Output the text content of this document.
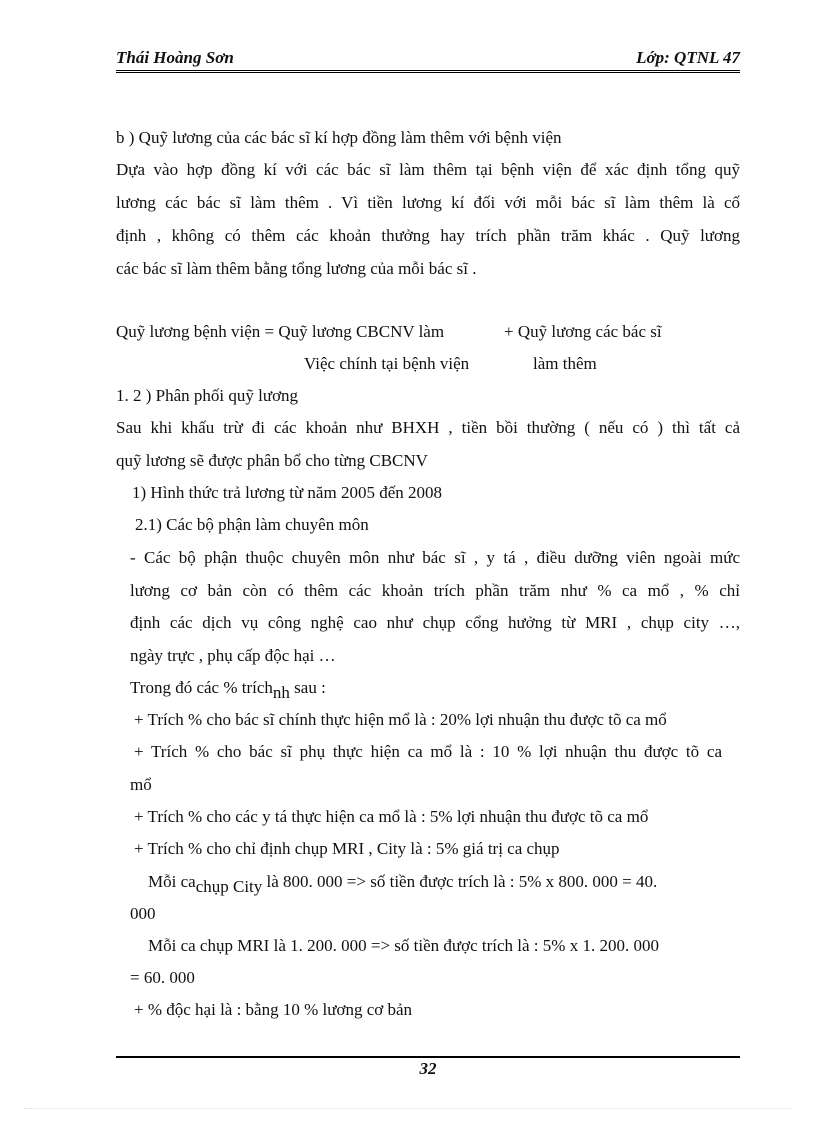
Thái Hoàng Sơn	Lớp: QTNL 47
b ) Quỹ lương của các bác sĩ kí hợp đồng làm thêm với bệnh viện
Dựa vào hợp đồng kí với các bác sĩ làm thêm tại bệnh viện để xác định tổng quỹ
lương các bác sĩ làm thêm . Vì tiền lương kí đối với mỗi bác sĩ làm thêm là cố
định , không có thêm các khoản thưởng hay trích phần trăm khác . Quỹ lương
các bác sĩ làm thêm bằng tổng lương của mỗi bác sĩ .
Quỹ lương bệnh viện = Quỹ lương CBCNV làm	+ Quỹ lương các bác sĩ
Việc chính tại bệnh viện	làm thêm
1. 2 ) Phân phối quỹ lương
Sau khi khấu trừ đi các khoản như BHXH , tiền bồi thường ( nếu có ) thì tất cả
quỹ lương sẽ được phân bổ cho từng CBCNV
1) Hình thức trả lương từ năm 2005 đến 2008
2.1) Các bộ phận làm chuyên môn
- Các bộ phận thuộc chuyên môn như bác sĩ , y tá , điều dưỡng viên ngoài mức
lương cơ bản còn có thêm các khoản trích phần trăm như % ca mổ , % chỉ
định các dịch vụ công nghệ cao như chụp cổng hưởng từ MRI , chụp city …,
ngày trực , phụ cấp độc hại …
Trong đó các % trích$_{nh}$ sau :
+ Trích % cho bác sĩ chính thực hiện mổ là : 20% lợi nhuận thu được tõ ca mổ
+ Trích % cho bác sĩ phụ thực hiện ca mổ là : 10 % lợi nhuận thu được tõ ca
mổ
+ Trích % cho các y tá thực hiện ca mổ là : 5% lợi nhuận thu được tõ ca mổ
+ Trích % cho chỉ định chụp MRI , City là : 5% giá trị ca chụp
Mỗi $ca_{chụp City}$ là 800. 000 => số tiền được trích là : 5% x 800. 000 = 40.
000
Mỗi ca chụp MRI là 1. 200. 000 => số tiền được trích là : 5% x 1. 200. 000
= 60. 000
+ % độc hại là : bằng 10 % lương cơ bản
32
